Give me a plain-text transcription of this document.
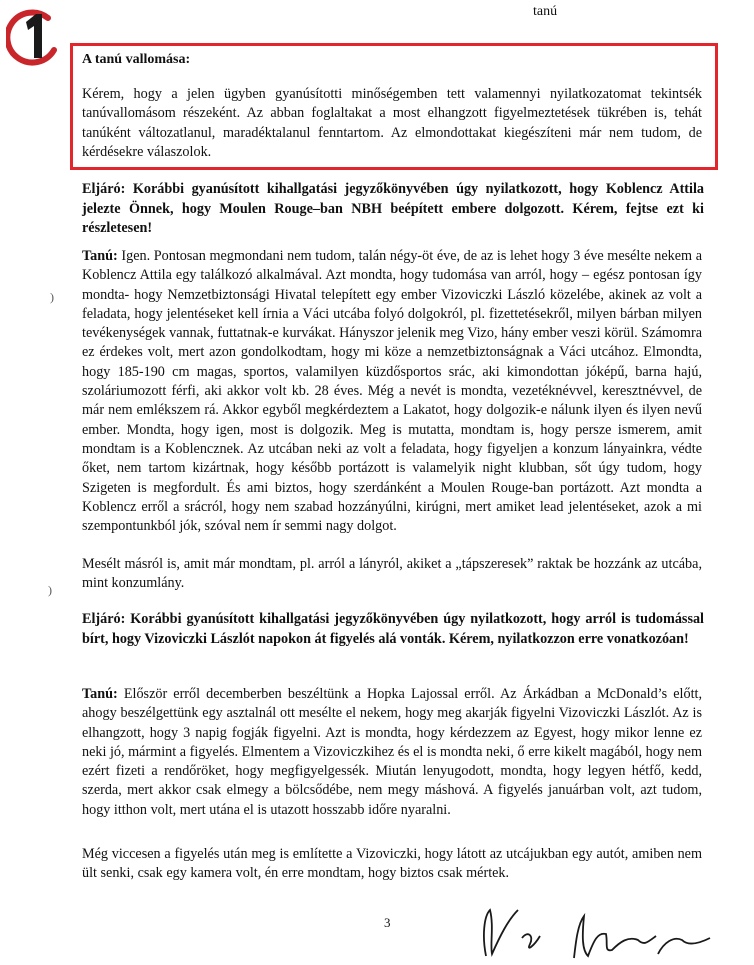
tanú
A tanú vallomása:

Kérem, hogy a jelen ügyben gyanúsítotti minőségemben tett valamennyi nyilatkozatomat tekintsék tanúvallomásom részeként. Az abban foglaltakat a most elhangzott figyelmeztetések tükrében is, tehát tanúként változatlanul, maradéktalanul fenntartom. Az elmondottakat kiegészíteni már nem tudom, de kérdésekre válaszolok.

Eljáró: Korábbi gyanúsított kihallgatási jegyzőkönyvében úgy nyilatkozott, hogy Koblencz Attila jelezte Önnek, hogy Moulen Rouge–ban NBH beépített embere dolgozott. Kérem, fejtse ezt ki részletesen!

Tanú: Igen. Pontosan megmondani nem tudom, talán négy-öt éve, de az is lehet hogy 3 éve mesélte nekem a Koblencz Attila egy találkozó alkalmával. Azt mondta, hogy tudomása van arról, hogy – egész pontosan így mondta- hogy Nemzetbiztonsági Hivatal telepített egy ember Vizoviczki László közelébe, akinek az volt a feladata, hogy jelentéseket kell írnia a Váci utcába folyó dolgokról, pl. fizettetésekről, milyen bárban milyen tevékenységek vannak, futtatnak-e kurvákat. Hányszor jelenik meg Vizo, hány ember veszi körül. Számomra ez érdekes volt, mert azon gondolkodtam, hogy mi köze a nemzetbiztonságnak a Váci utcához. Elmondta, hogy 185-190 cm magas, sportos, valamilyen küzdősportos srác, aki kimondottan jóképű, barna hajú, szoláriumozott férfi, aki akkor volt kb. 28 éves. Még a nevét is mondta, vezetéknévvel, keresztnévvel, de már nem emlékszem rá. Akkor egyből megkérdeztem a Lakatot, hogy dolgozik-e nálunk ilyen és ilyen nevű ember. Mondta, hogy igen, most is dolgozik. Meg is mutatta, mondtam is, hogy persze ismerem, amit mondtam is a Koblencznek. Az utcában neki az volt a feladata, hogy figyeljen a konzum lányainkra, védte őket, nem tartom kizártnak, hogy később portázott is valamelyik night klubban, sőt úgy tudom, hogy Szigeten is megfordult. És ami biztos, hogy szerdánként a Moulen Rouge-ban portázott. Azt mondta a Koblencz erről a srácról, hogy nem szabad hozzányúlni, kirúgni, mert amiket lead jelentéseket, azok a mi szempontunkból jók, szóval nem ír semmi nagy dolgot.

Mesélt másról is, amit már mondtam, pl. arról a lányról, akiket a „tápszeresek” raktak be hozzánk az utcába, mint konzumlány.

Eljáró: Korábbi gyanúsított kihallgatási jegyzőkönyvében úgy nyilatkozott, hogy arról is tudomással bírt, hogy Vizoviczki Lászlót napokon át figyelés alá vonták. Kérem, nyilatkozzon erre vonatkozóan!

Tanú: Először erről decemberben beszéltünk a Hopka Lajossal erről. Az Árkádban a McDonald’s előtt, ahogy beszélgettünk egy asztalnál ott mesélte el nekem, hogy meg akarják figyelni Vizoviczki Lászlót. Az is elhangzott, hogy 3 napig fogják figyelni. Azt is mondta, hogy kérdezzem az Egyest, hogy mikor lenne ez neki jó, mármint a figyelés. Elmentem a Vizoviczkihez és el is mondta neki, ő erre kikelt magából, hogy nem ezért fizeti a rendőröket, hogy megfigyelgessék. Miután lenyugodott, mondta, hogy legyen hétfő, kedd, szerda, mert akkor csak elmegy a bölcsődébe, nem megy máshová. A figyelés januárban volt, azt tudom, hogy itthon volt, mert utána el is utazott hosszabb időre nyaralni.

Még viccesen a figyelés után meg is említette a Vizoviczki, hogy látott az utcájukban egy autót, amiben nem ült senki, csak egy kamera volt, én erre mondtam, hogy biztos csak mértek.

)
)
3
